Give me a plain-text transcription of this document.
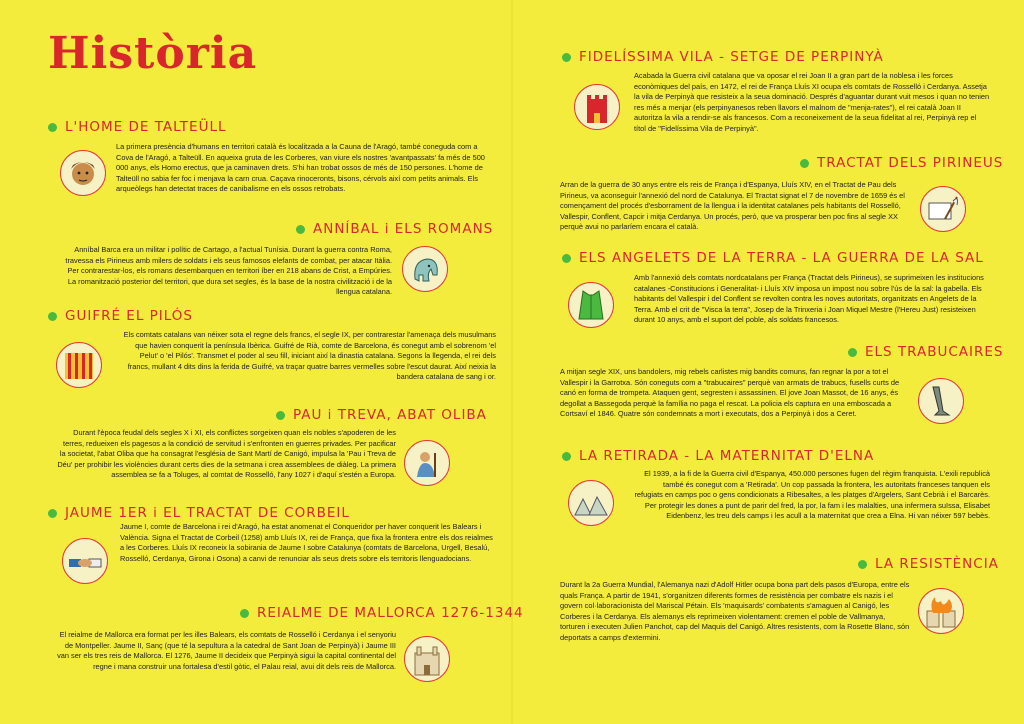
Història
L'HOME DE TALTEÜLL
La primera presència d'humans en territori català és localitzada a la Cauna de l'Aragó, també coneguda com a Cova de l'Aragó, a Talteüll. En aqueixa gruta de les Corberes, van viure els nostres 'avantpassats' fa més de 500 000 anys, els Homo erectus, que ja caminaven drets. S'hi han trobat ossos de més de 150 persones. L'home de Talteüll no sabia fer foc i menjava la carn crua. Caçava rinoceronts, bisons, cérvols així com petits animals. Els arqueòlegs han detectat traces de canibalisme en els ossos retrobats.
ANNÍBAL i ELS ROMANS
Anníbal Barca era un militar i polític de Cartago, a l'actual Tunísia. Durant la guerra contra Roma, travessa els Pirineus amb milers de soldats i els seus famosos elefants de combat, per atacar Itàlia. Per contrarestar-los, els romans desembarquen en territori íber en 218 abans de Crist, a Empúries. La romanització posterior del territori, que dura set segles, és la base de la nostra civilització i de la llengua catalana.
GUIFRÉ EL PILÓS
Els comtats catalans van néixer sota el regne dels francs, el segle IX, per contrarestar l'amenaça dels musulmans que havien conquerit la península Ibèrica. Guifré de Rià, comte de Barcelona, és conegut amb el sobrenom 'el Pelut' o 'el Pilós'. Transmet el poder al seu fill, iniciant així la dinastia catalana. Segons la llegenda, el rei dels francs, mullant 4 dits dins la ferida de Guifré, va traçar quatre barres vermelles sobre l'escut daurat. Així neixia la bandera catalana de sang i or.
PAU i TREVA, ABAT OLIBA
Durant l'època feudal dels segles X i XI, els conflictes sorgeixen quan els nobles s'apoderen de les terres, redueixen els pagesos a la condició de servitud i s'enfronten en guerres privades. Per pacificar la societat, l'abat Oliba que ha consagrat l'església de Sant Martí de Canigó, impulsa la 'Pau i Treva de Déu' per prohibir les violències durant certs dies de la setmana i crea assemblees de diàleg. La primera assemblea se fa a Toluges, al comtat de Rosselló, l'any 1027 i d'aquí s'estén a Europa.
JAUME 1ER i EL TRACTAT DE CORBEIL
Jaume I, comte de Barcelona i rei d'Aragó, ha estat anomenat el Conqueridor per haver conquerit les Balears i València. Signa el Tractat de Corbeil (1258) amb Lluís IX, rei de França, que fixa la frontera entre els dos reialmes a les Corberes. Lluís IX reconeix la sobirania de Jaume I sobre Catalunya (comtats de Barcelona, Urgell, Besalú, Rosselló, Cerdanya, Girona i Osona) a canvi de renunciar als seus drets sobre els territoris llenguadocians.
REIALME DE MALLORCA 1276-1344
El reialme de Mallorca era format per les illes Balears, els comtats de Rosselló i Cerdanya i el senyoriu de Montpeller. Jaume II, Sanç (que té la sepultura a la catedral de Sant Joan de Perpinyà) i Jaume III van ser els tres reis de Mallorca. El 1276, Jaume II decideix que Perpinyà sigui la capital continental del regne i mana construir una fortalesa d'estil gòtic, el Palau reial, avui dit dels reis de Mallorca.
FIDELÍSSIMA VILA - SETGE DE PERPINYÀ
Acabada la Guerra civil catalana que va oposar el rei Joan II a gran part de la noblesa i les forces econòmiques del país, en 1472, el rei de França Lluís XI ocupa els comtats de Rosselló i Cerdanya. Assetja la vila de Perpinyà que resisteix a la seua dominació. Després d'aguantar durant vuit mesos i quan no tenien res més a menjar (els perpinyanesos reben llavors el malnom de "menja-rates"), el rei català Joan II autoritza la vila a rendir-se als francesos. Com a reconeixement de la seua fidelitat al rei, Perpinyà rep el títol de "Fidelíssima Vila de Perpinyà".
TRACTAT DELS PIRINEUS
Arran de la guerra de 30 anys entre els reis de França i d'Espanya, Lluís XIV, en el Tractat de Pau dels Pirineus, va aconseguir l'annexió del nord de Catalunya. El Tractat signat el 7 de novembre de 1659 és el començament del procés d'esborrament de la llengua i la identitat catalanes pels habitants del Rosselló, Vallespir, Conflent, Capcir i mitja Cerdanya. Un procés, però, que va prosperar ben poc fins al segle XX perquè avui no parlaríem encara el català.
ELS ANGELETS DE LA TERRA - LA GUERRA DE LA SAL
Amb l'annexió dels comtats nordcatalans per França (Tractat dels Pirineus), se suprimeixen les institucions catalanes -Constitucions i Generalitat- i Lluís XIV imposa un impost nou sobre l'ús de la sal: la gabella. Els habitants del Vallespir i del Conflent se revolten contra les noves autoritats, organitzats en Angelets de la Terra. Amb el crit de "Visca la terra", Josep de la Trinxeria i Joan Miquel Mestre (l'Hereu Just) resisteixen durant 10 anys, amb el suport del poble, als soldats francesos.
ELS TRABUCAIRES
A mitjan segle XIX, uns bandolers, mig rebels carlistes mig bandits comuns, fan regnar la por a tot el Vallespir i la Garrotxa. Són coneguts com a "trabucaires" perquè van armats de trabucs, fusells curts de canó en forma de trompeta. Ataquen gent, segresten i assassinen. El jove Joan Massot, de 16 anys, és degollat a Bassegoda perquè la família no paga el rescat. La policia els captura en una emboscada a Cortsaví el 1846. Quatre són condemnats a mort i executats, dos a Perpinyà i dos a Ceret.
LA RETIRADA - LA MATERNITAT D'ELNA
El 1939, a la fi de la Guerra civil d'Espanya, 450.000 persones fugen del règim franquista. L'exili republicà també és conegut com a 'Retirada'. Un cop passada la frontera, les autoritats franceses tanquen els refugiats en camps poc o gens condicionats a Ribesaltes, a les platges d'Argelers, Sant Cebrià i el Barcarès. Per protegir les dones a punt de parir del fred, la por, la fam i les malalties, una infermera suïssa, Elisabet Eidenbenz, les treu dels camps i les acull a la maternitat que crea a Elna. Hi van néixer 597 bebès.
LA RESISTÈNCIA
Durant la 2a Guerra Mundial, l'Alemanya nazi d'Adolf Hitler ocupa bona part dels pasos d'Europa, entre els quals França. A partir de 1941, s'organitzen diferents formes de resistència per combatre els nazis i el govern col·laboracionista del Mariscal Pétain. Els 'maquisards' combatents s'amaguen al Canigó, les Corberes i la Cerdanya. Els alemanys els reprimeixen violentament: cremen el poble de Vallmanya, torturen i executen Julien Panchot, cap del Maquis del Canigó. Altres resistents, com la Rosette Blanc, són deportats a camps d'extermini.
